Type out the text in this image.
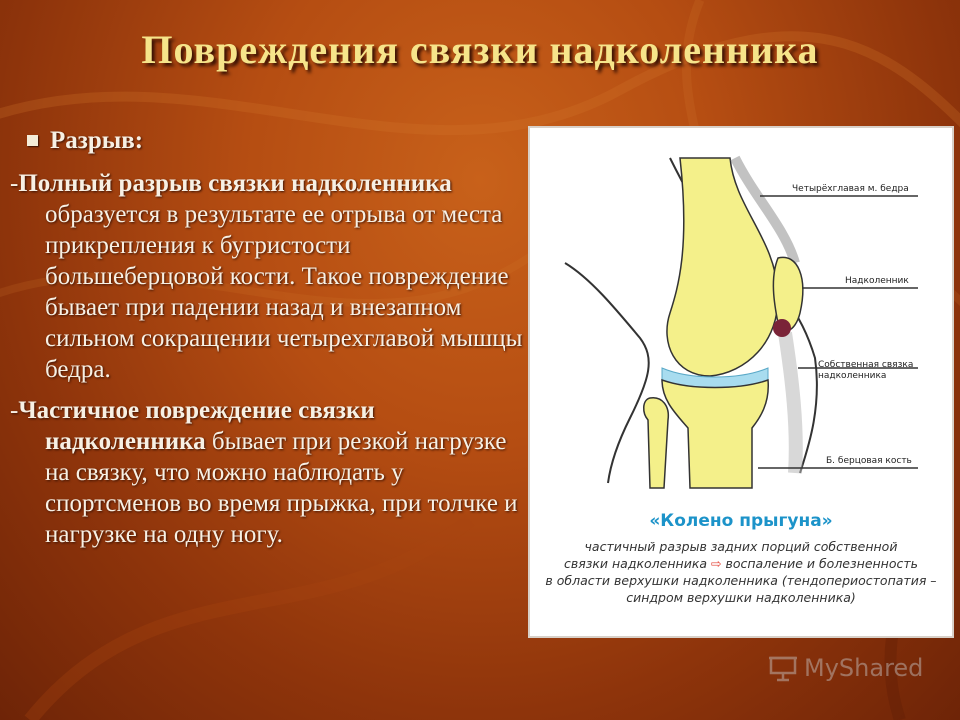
Повреждения связки надколенника
Разрыв:

-Полный разрыв связки надколенника образуется в результате ее отрыва от места прикрепления к бугристости большеберцовой кости. Такое повреждение бывает при падении назад и внезапном сильном сокращении четырехглавой мышцы бедра.

-Частичное повреждение связки надколенника бывает при резкой нагрузке на связку, что можно наблюдать у спортсменов во время прыжка, при толчке и нагрузке на одну ногу.

Четырёхглавая м. бедра
Надколенник
Собственная связка
надколенника
Б. берцовая кость
«Колено прыгуна»
частичный разрыв задних порций собственной
связки надколенника ⇨ воспаление и болезненность
в области верхушки надколенника (тендопериостопатия –
синдром верхушки надколенника)
MyShared
